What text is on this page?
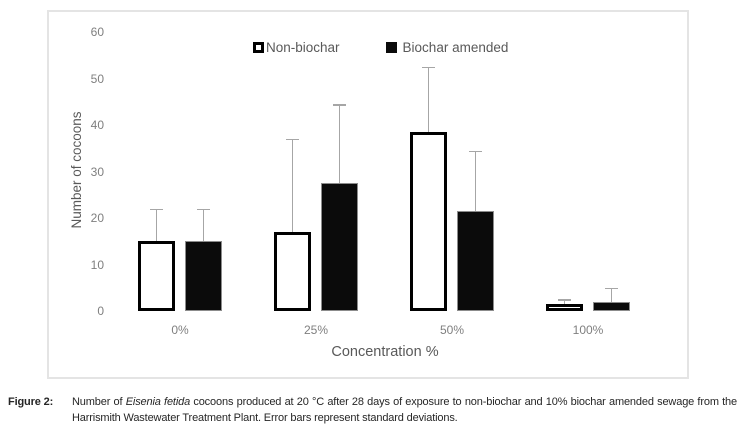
Number of cocoons
Non-biochar	Biochar amended
Concentration %
0
10
20
30
40
50
60
0%	25%	50%	100%
Figure 2:	Number of Eisenia fetida cocoons produced at 20 °C after 28 days of exposure to non-biochar and 10% biochar amended sewage from the
Harrismith Wastewater Treatment Plant. Error bars represent standard deviations.
